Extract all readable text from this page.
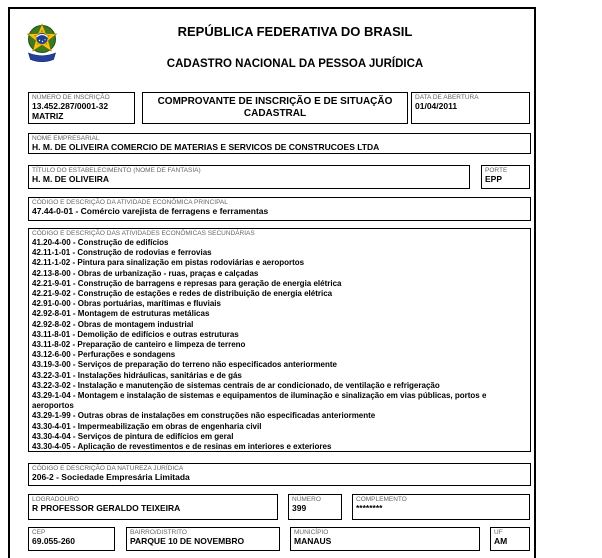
REPÚBLICA FEDERATIVA DO BRASIL
CADASTRO NACIONAL DA PESSOA JURÍDICA
NÚMERO DE INSCRIÇÃO
13.452.287/0001-32
MATRIZ
COMPROVANTE DE INSCRIÇÃO E DE SITUAÇÃO CADASTRAL
DATA DE ABERTURA
01/04/2011
NOME EMPRESARIAL
H. M. DE OLIVEIRA COMERCIO DE MATERIAS E SERVICOS DE CONSTRUCOES LTDA
TÍTULO DO ESTABELECIMENTO (NOME DE FANTASIA)
H. M. DE OLIVEIRA
PORTE
EPP
CÓDIGO E DESCRIÇÃO DA ATIVIDADE ECONÔMICA PRINCIPAL
47.44-0-01 - Comércio varejista de ferragens e ferramentas
CÓDIGO E DESCRIÇÃO DAS ATIVIDADES ECONÔMICAS SECUNDÁRIAS
41.20-4-00 - Construção de edifícios
42.11-1-01 - Construção de rodovias e ferrovias
42.11-1-02 - Pintura para sinalização em pistas rodoviárias e aeroportos
42.13-8-00 - Obras de urbanização - ruas, praças e calçadas
42.21-9-01 - Construção de barragens e represas para geração de energia elétrica
42.21-9-02 - Construção de estações e redes de distribuição de energia elétrica
42.91-0-00 - Obras portuárias, marítimas e fluviais
42.92-8-01 - Montagem de estruturas metálicas
42.92-8-02 - Obras de montagem industrial
43.11-8-01 - Demolição de edifícios e outras estruturas
43.11-8-02 - Preparação de canteiro e limpeza de terreno
43.12-6-00 - Perfurações e sondagens
43.19-3-00 - Serviços de preparação do terreno não especificados anteriormente
43.22-3-01 - Instalações hidráulicas, sanitárias e de gás
43.22-3-02 - Instalação e manutenção de sistemas centrais de ar condicionado, de ventilação e refrigeração
43.29-1-04 - Montagem e instalação de sistemas e equipamentos de iluminação e sinalização em vias públicas, portos e aeroportos
43.29-1-99 - Outras obras de instalações em construções não especificadas anteriormente
43.30-4-01 - Impermeabilização em obras de engenharia civil
43.30-4-04 - Serviços de pintura de edifícios em geral
43.30-4-05 - Aplicação de revestimentos e de resinas em interiores e exteriores
CÓDIGO E DESCRIÇÃO DA NATUREZA JURÍDICA
206-2 - Sociedade Empresária Limitada
LOGRADOURO
R PROFESSOR GERALDO TEIXEIRA
NÚMERO
399
COMPLEMENTO
********
CEP
69.055-260
BAIRRO/DISTRITO
PARQUE 10 DE NOVEMBRO
MUNICÍPIO
MANAUS
UF
AM
